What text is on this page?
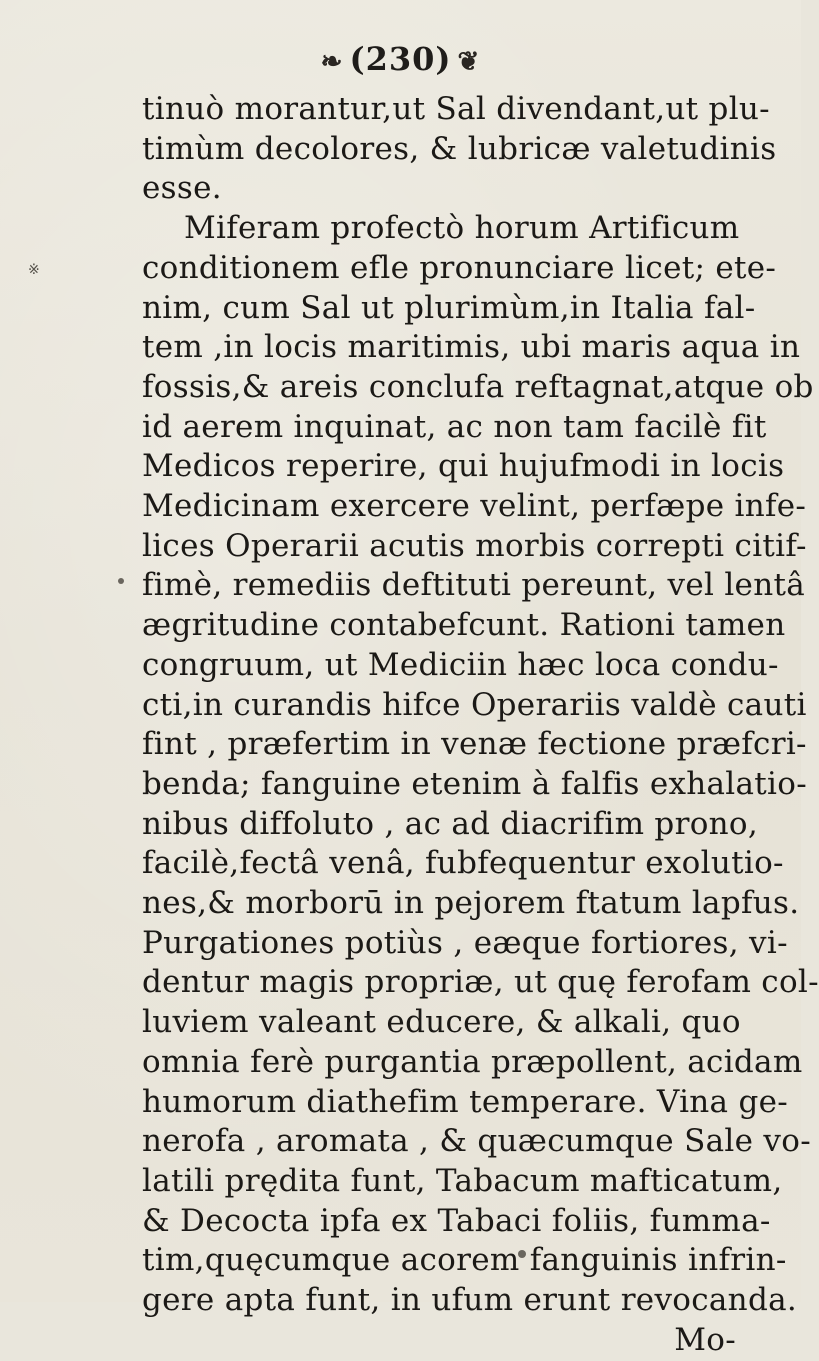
❧ (230) ❦
※
tinuò morantur,ut Sal divendant,ut plu-
timùm decolores, & lubricæ valetudinis
esse.
Miferam profectò horum Artificum
conditionem efle pronunciare licet; ete-
nim, cum Sal ut plurimùm,in Italia fal-
tem ,in locis maritimis, ubi maris aqua in
fossis,& areis conclufa reftagnat,atque ob
id aerem inquinat, ac non tam facilè fit
Medicos reperire, qui hujufmodi in locis
Medicinam exercere velint, perfæpe infe-
lices Operarii acutis morbis correpti citif-
fimè, remediis deftituti pereunt, vel lentâ
ægritudine contabefcunt. Rationi tamen
congruum, ut Mediciin hæc loca condu-
cti,in curandis hifce Operariis valdè cauti
fint , præfertim in venæ fectione præfcri-
benda; fanguine etenim à falfis exhalatio-
nibus diffoluto , ac ad diacrifim prono,
facilè,fectâ venâ, fubfequentur exolutio-
nes,& morborū in pejorem ftatum lapfus.
Purgationes potiùs , eæque fortiores, vi-
dentur magis propriæ, ut quę ferofam col-
luviem valeant educere, & alkali, quo
omnia ferè purgantia præpollent, acidam
humorum diathefim temperare. Vina ge-
nerofa , aromata , & quæcumque Sale vo-
latili prędita funt, Tabacum mafticatum,
& Decocta ipfa ex Tabaci foliis, fumma-
tim,quęcumque acorem fanguinis infrin-
gere apta funt, in ufum erunt revocanda.
Mo-
